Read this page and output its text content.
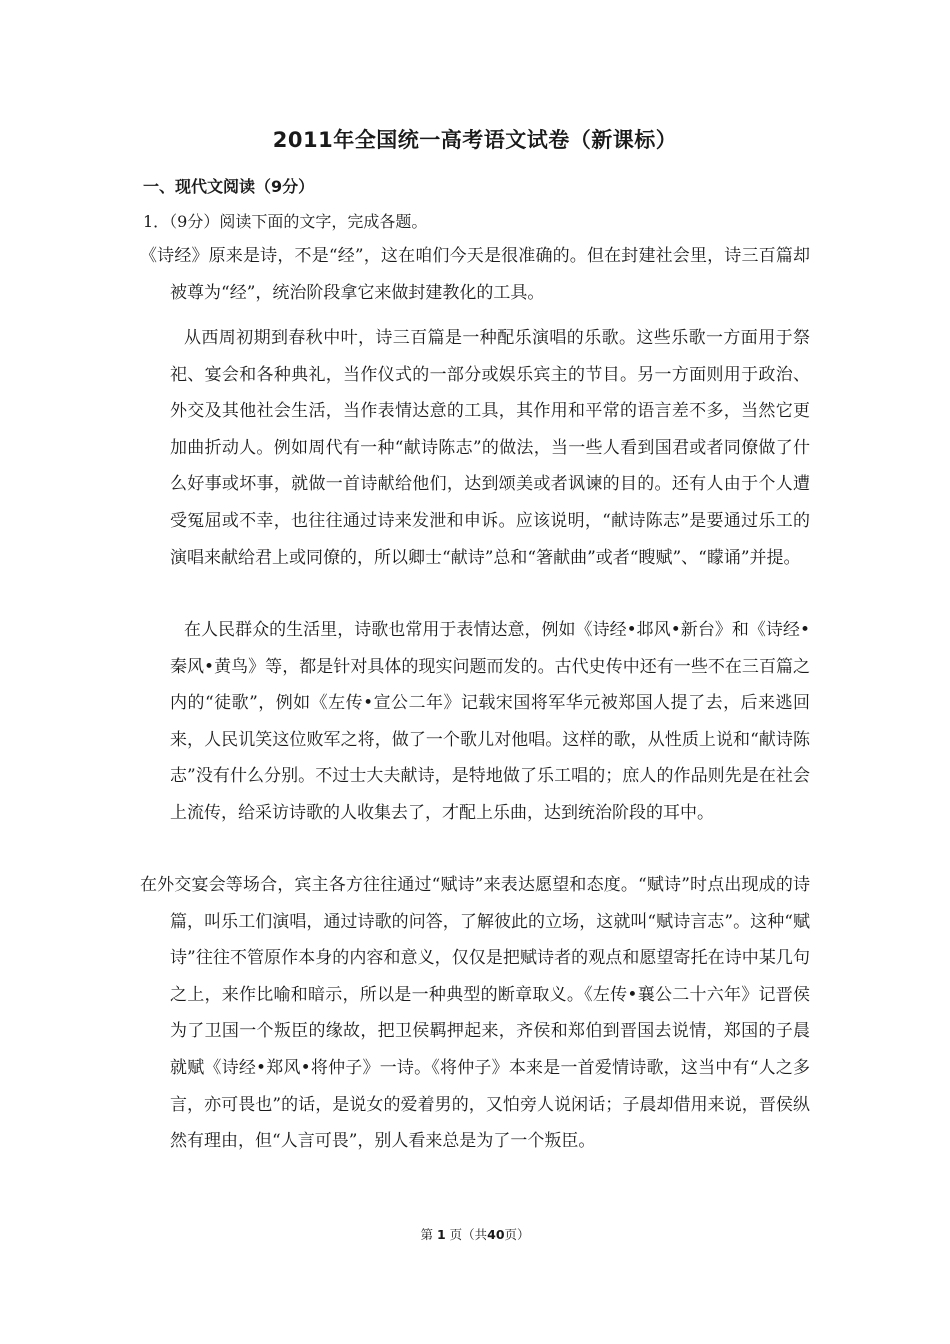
2011年全国统一高考语文试卷（新课标）
一、现代文阅读（9分）
1．（9分）阅读下面的文字，完成各题。

《诗经》原来是诗，不是“经”，这在咱们今天是很准确的。但在封建社会里，诗三百篇却被尊为“经”，统治阶段拿它来做封建教化的工具。

从西周初期到春秋中叶，诗三百篇是一种配乐演唱的乐歌。这些乐歌一方面用于祭祀、宴会和各种典礼，当作仪式的一部分或娱乐宾主的节目。另一方面则用于政治、外交及其他社会生活，当作表情达意的工具，其作用和平常的语言差不多，当然它更加曲折动人。例如周代有一种“献诗陈志”的做法，当一些人看到国君或者同僚做了什么好事或坏事，就做一首诗献给他们，达到颂美或者讽谏的目的。还有人由于个人遭受冤屈或不幸，也往往通过诗来发泄和申诉。应该说明，“献诗陈志”是要通过乐工的演唱来献给君上或同僚的，所以卿士“献诗”总和“箸献曲”或者“瞍赋”、“矇诵”并提。

在人民群众的生活里，诗歌也常用于表情达意，例如《诗经•邶风•新台》和《诗经•秦风•黄鸟》等，都是针对具体的现实问题而发的。古代史传中还有一些不在三百篇之内的“徒歌”，例如《左传•宣公二年》记载宋国将军华元被郑国人提了去，后来逃回来，人民讥笑这位败军之将，做了一个歌儿对他唱。这样的歌，从性质上说和“献诗陈志”没有什么分别。不过士大夫献诗，是特地做了乐工唱的；庶人的作品则先是在社会上流传，给采访诗歌的人收集去了，才配上乐曲，达到统治阶段的耳中。

在外交宴会等场合，宾主各方往往通过“赋诗”来表达愿望和态度。“赋诗”时点出现成的诗篇，叫乐工们演唱，通过诗歌的问答，了解彼此的立场，这就叫“赋诗言志”。这种“赋诗”往往不管原作本身的内容和意义，仅仅是把赋诗者的观点和愿望寄托在诗中某几句之上，来作比喻和暗示，所以是一种典型的断章取义。《左传•襄公二十六年》记晋侯为了卫国一个叛臣的缘故，把卫侯羁押起来，齐侯和郑伯到晋国去说情，郑国的子晨就赋《诗经•郑风•将仲子》一诗。《将仲子》本来是一首爱情诗歌，这当中有“人之多言，亦可畏也”的话，是说女的爱着男的，又怕旁人说闲话；子晨却借用来说，晋侯纵然有理由，但“人言可畏”，别人看来总是为了一个叛臣。

第 1 页（共40页）
